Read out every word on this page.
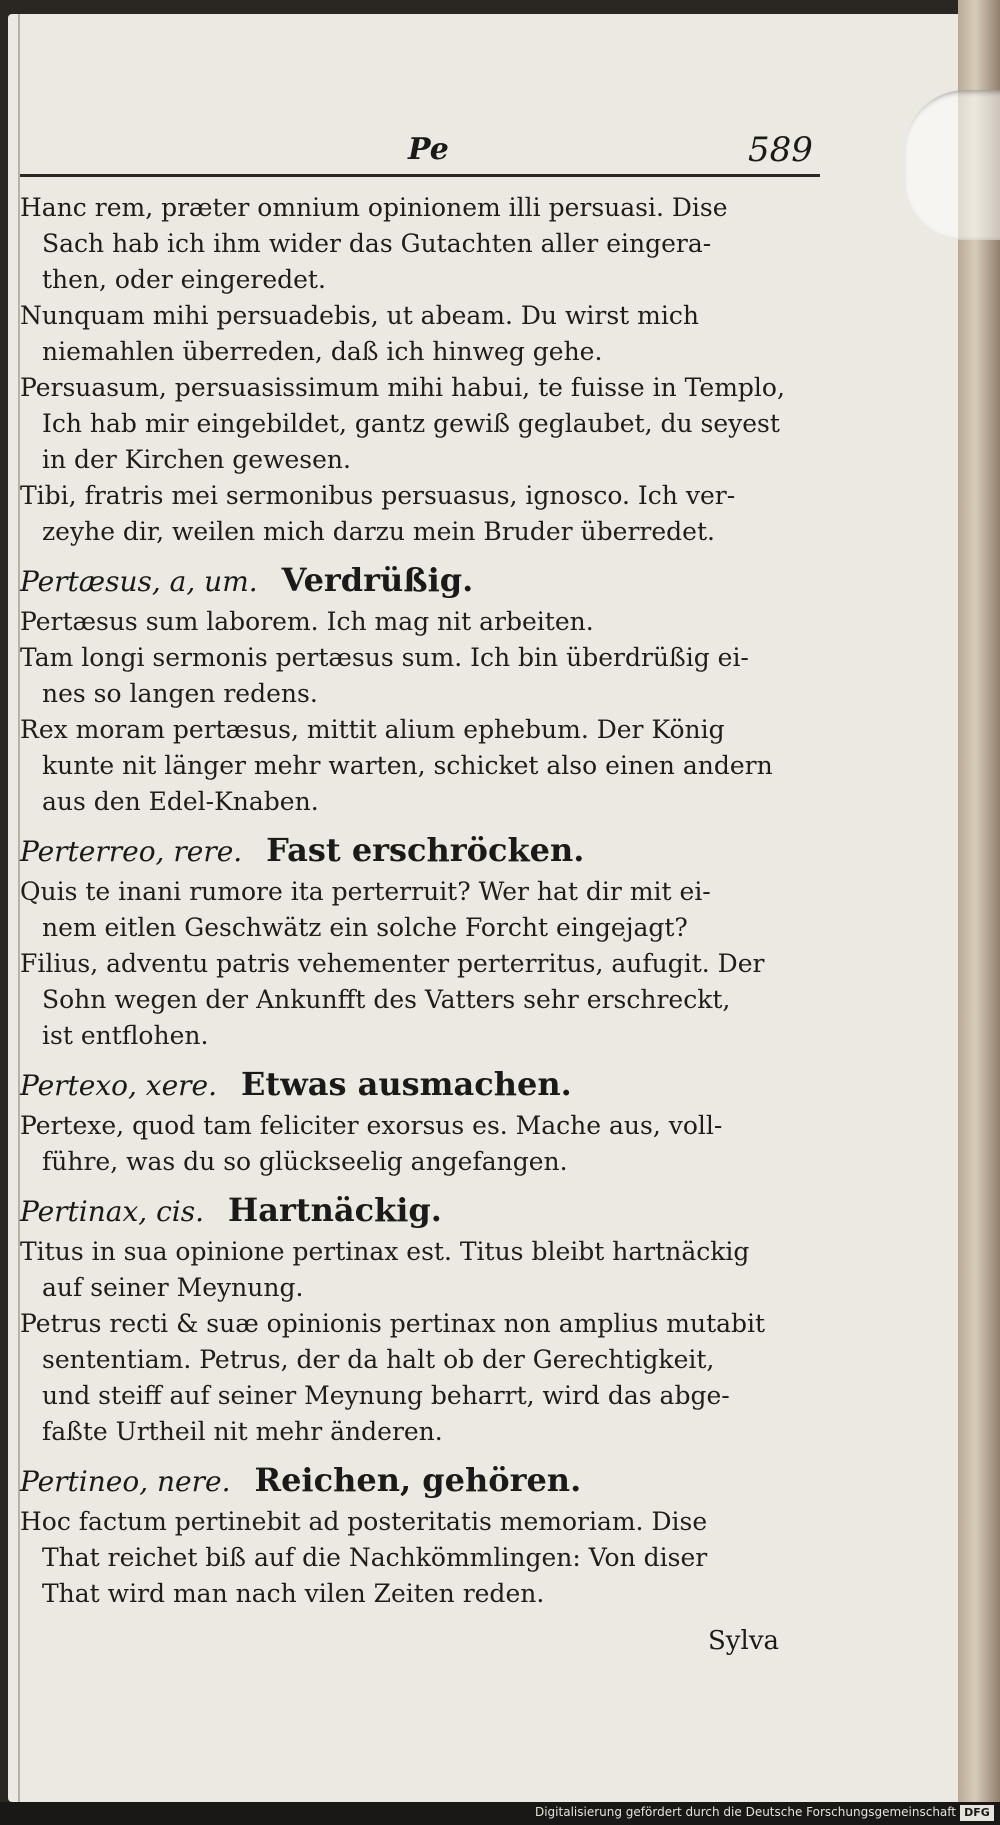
Pe	589
Hanc rem, præter omnium opinionem illi persuasi. Dise
Sach hab ich ihm wider das Gutachten aller eingera-
then, oder eingeredet.
Nunquam mihi persuadebis, ut abeam. Du wirst mich
niemahlen überreden, daß ich hinweg gehe.
Persuasum, persuasissimum mihi habui, te fuisse in Templo,
Ich hab mir eingebildet, gantz gewiß geglaubet, du seyest
in der Kirchen gewesen.
Tibi, fratris mei sermonibus persuasus, ignosco. Ich ver-
zeyhe dir, weilen mich darzu mein Bruder überredet.
Pertæsus, a, um. Verdrüßig.
Pertæsus sum laborem. Ich mag nit arbeiten.
Tam longi sermonis pertæsus sum. Ich bin überdrüßig ei-
nes so langen redens.
Rex moram pertæsus, mittit alium ephebum. Der König
kunte nit länger mehr warten, schicket also einen andern
aus den Edel-Knaben.
Perterreo, rere. Fast erschröcken.
Quis te inani rumore ita perterruit? Wer hat dir mit ei-
nem eitlen Geschwätz ein solche Forcht eingejagt?
Filius, adventu patris vehementer perterritus, aufugit. Der
Sohn wegen der Ankunfft des Vatters sehr erschreckt,
ist entflohen.
Pertexo, xere. Etwas ausmachen.
Pertexe, quod tam feliciter exorsus es. Mache aus, voll-
führe, was du so glückseelig angefangen.
Pertinax, cis. Hartnäckig.
Titus in sua opinione pertinax est. Titus bleibt hartnäckig
auf seiner Meynung.
Petrus recti & suæ opinionis pertinax non amplius mutabit
sententiam. Petrus, der da halt ob der Gerechtigkeit,
und steiff auf seiner Meynung beharrt, wird das abge-
faßte Urtheil nit mehr änderen.
Pertineo, nere. Reichen, gehören.
Hoc factum pertinebit ad posteritatis memoriam. Dise
That reichet biß auf die Nachkömmlingen: Von diser
That wird man nach vilen Zeiten reden.
Sylva
Digitalisierung gefördert durch die Deutsche Forschungsgemeinschaft DFG
